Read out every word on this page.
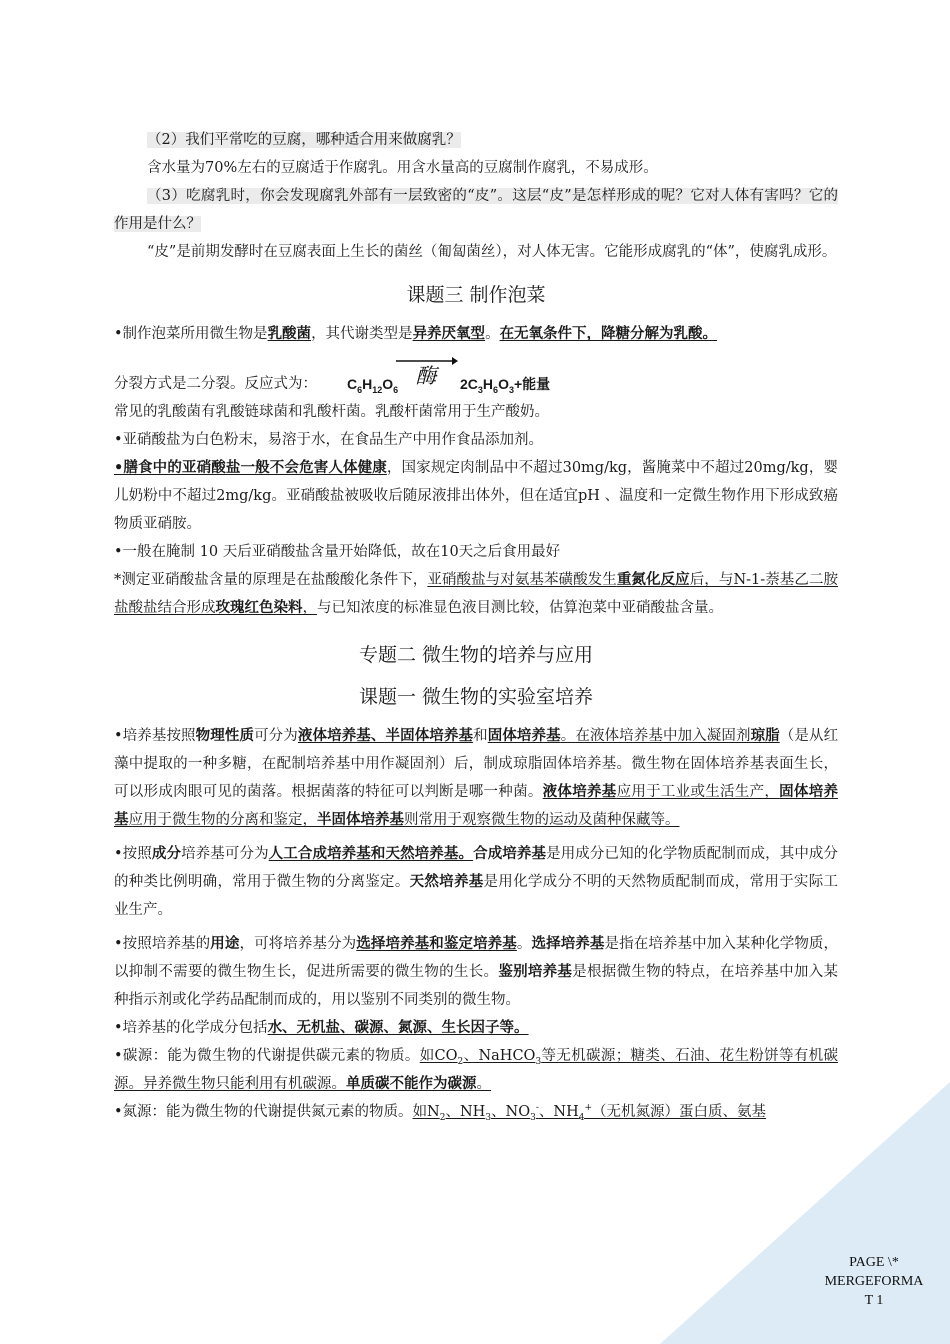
（2）我们平常吃的豆腐，哪种适合用来做腐乳？

含水量为70%左右的豆腐适于作腐乳。用含水量高的豆腐制作腐乳，不易成形。

（3）吃腐乳时，你会发现腐乳外部有一层致密的“皮”。这层“皮”是怎样形成的呢？它对人体有害吗？它的作用是什么？

“皮”是前期发酵时在豆腐表面上生长的菌丝（匍匐菌丝），对人体无害。它能形成腐乳的“体”，使腐乳成形。

课题三 制作泡菜

•制作泡菜所用微生物是乳酸菌，其代谢类型是异养厌氧型。在无氧条件下，降糖分解为乳酸。

分裂方式是二分裂。反应式为： $C_6H_{12}O_6$
酶 $2C_3H_6O_3+$能量

常见的乳酸菌有乳酸链球菌和乳酸杆菌。乳酸杆菌常用于生产酸奶。

•亚硝酸盐为白色粉末，易溶于水，在食品生产中用作食品添加剂。

•膳食中的亚硝酸盐一般不会危害人体健康，国家规定肉制品中不超过30mg/kg，酱腌菜中不超过20mg/kg，婴儿奶粉中不超过2mg/kg。亚硝酸盐被吸收后随尿液排出体外，但在适宜pH 、温度和一定微生物作用下形成致癌物质亚硝胺。

•一般在腌制 10 天后亚硝酸盐含量开始降低，故在10天之后食用最好

*测定亚硝酸盐含量的原理是在盐酸酸化条件下，亚硝酸盐与对氨基苯磺酸发生重氮化反应后，与N-1-萘基乙二胺盐酸盐结合形成玫瑰红色染料，与已知浓度的标准显色液目测比较，估算泡菜中亚硝酸盐含量。

专题二 微生物的培养与应用
课题一 微生物的实验室培养

•培养基按照物理性质可分为液体培养基、半固体培养基和固体培养基。在液体培养基中加入凝固剂琼脂（是从红藻中提取的一种多糖，在配制培养基中用作凝固剂）后，制成琼脂固体培养基。微生物在固体培养基表面生长，可以形成肉眼可见的菌落。根据菌落的特征可以判断是哪一种菌。液体培养基应用于工业或生活生产，固体培养基应用于微生物的分离和鉴定，半固体培养基则常用于观察微生物的运动及菌种保藏等。

•按照成分培养基可分为人工合成培养基和天然培养基。合成培养基是用成分已知的化学物质配制而成，其中成分的种类比例明确，常用于微生物的分离鉴定。天然培养基是用化学成分不明的天然物质配制而成，常用于实际工业生产。

•按照培养基的用途，可将培养基分为选择培养基和鉴定培养基。选择培养基是指在培养基中加入某种化学物质，以抑制不需要的微生物生长，促进所需要的微生物的生长。鉴别培养基是根据微生物的特点，在培养基中加入某种指示剂或化学药品配制而成的，用以鉴别不同类别的微生物。

•培养基的化学成分包括水、无机盐、碳源、氮源、生长因子等。

•碳源：能为微生物的代谢提供碳元素的物质。如$CO_2$、NaHCO$_3$等无机碳源；糖类、石油、花生粉饼等有机碳源。异养微生物只能利用有机碳源。单质碳不能作为碳源。

•氮源：能为微生物的代谢提供氮元素的物质。如$N_2$、$NH_3$、$NO_3^-$、$NH_4^+$（无机氮源）蛋白质、氨基

PAGE \* MERGEFORMA
T 1
